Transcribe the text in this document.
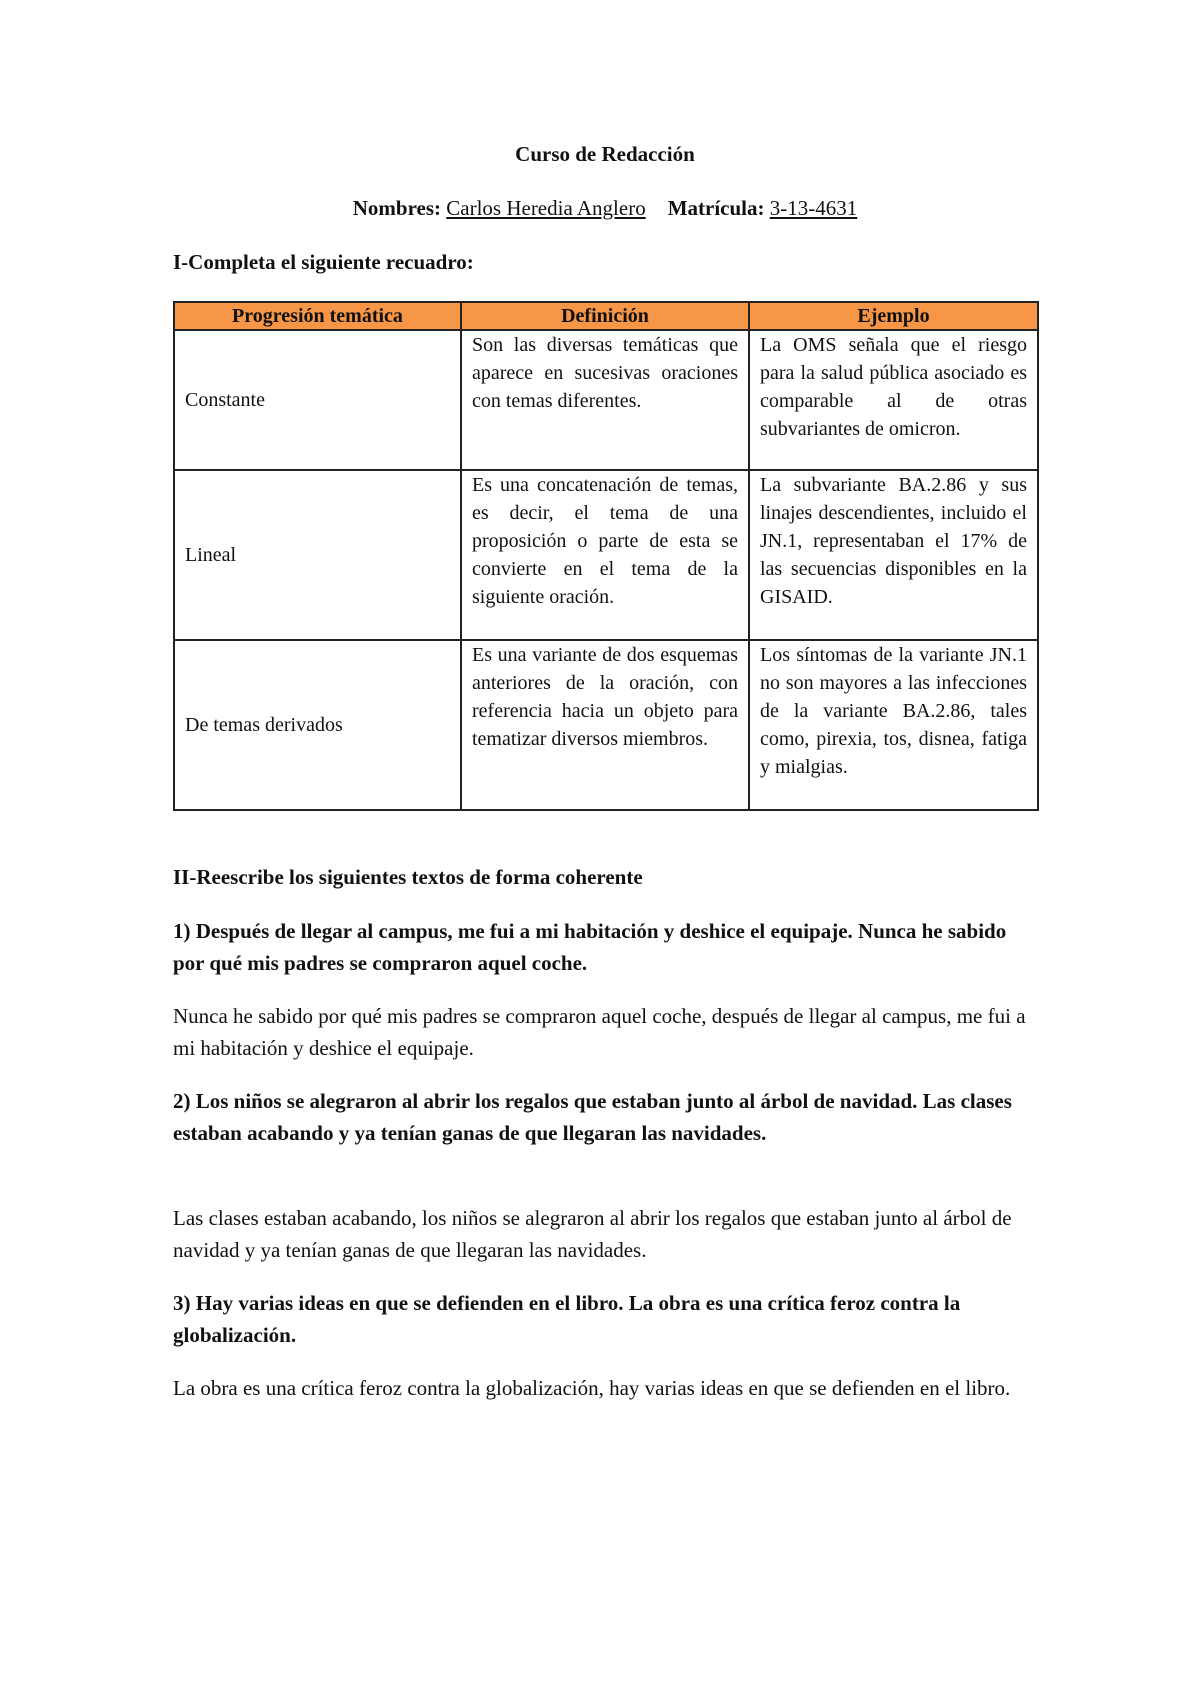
Curso de Redacción

Nombres: Carlos Heredia Anglero Matrícula: 3-13-4631

I-Completa el siguiente recuadro:

Progresión temática	Definición	Ejemplo
Constante	Son las diversas temáticas que aparece en sucesivas oraciones con temas diferentes.	La OMS señala que el riesgo para la salud pública asociado es comparable al de otras subvariantes de omicron.
Lineal	Es una concatenación de temas, es decir, el tema de una proposición o parte de esta se convierte en el tema de la siguiente oración.	La subvariante BA.2.86 y sus linajes descendientes, incluido el JN.1, representaban el 17% de las secuencias disponibles en la GISAID.
De temas derivados	Es una variante de dos esquemas anteriores de la oración, con referencia hacia un objeto para tematizar diversos miembros.	Los síntomas de la variante JN.1 no son mayores a las infecciones de la variante BA.2.86, tales como, pirexia, tos, disnea, fatiga y mialgias.

II-Reescribe los siguientes textos de forma coherente

1) Después de llegar al campus, me fui a mi habitación y deshice el equipaje. Nunca he sabido por qué mis padres se compraron aquel coche.

Nunca he sabido por qué mis padres se compraron aquel coche, después de llegar al campus, me fui a mi habitación y deshice el equipaje.

2) Los niños se alegraron al abrir los regalos que estaban junto al árbol de navidad. Las clases estaban acabando y ya tenían ganas de que llegaran las navidades.

Las clases estaban acabando, los niños se alegraron al abrir los regalos que estaban junto al árbol de navidad y ya tenían ganas de que llegaran las navidades.

3) Hay varias ideas en que se defienden en el libro. La obra es una crítica feroz contra la globalización.

La obra es una crítica feroz contra la globalización, hay varias ideas en que se defienden en el libro.
